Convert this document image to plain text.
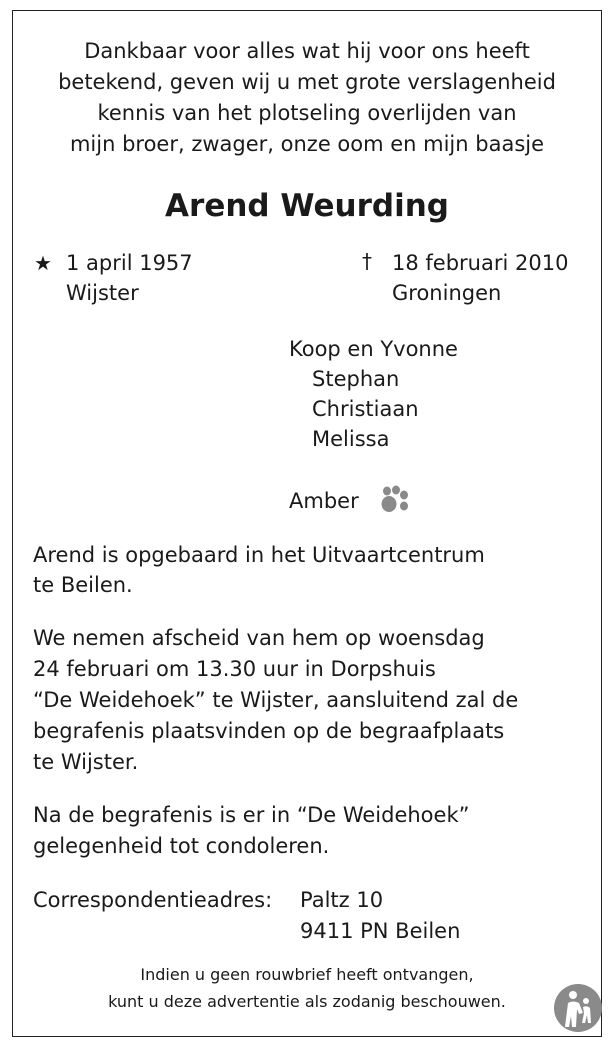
Dankbaar voor alles wat hij voor ons heeft
betekend, geven wij u met grote verslagenheid
kennis van het plotseling overlijden van
mijn broer, zwager, onze oom en mijn baasje
Arend Weurding
★ 1 april 1957
Wijster
† 18 februari 2010
Groningen
Koop en Yvonne
Stephan
Christiaan
Melissa
Amber
Arend is opgebaard in het Uitvaartcentrum
te Beilen.
We nemen afscheid van hem op woensdag
24 februari om 13.30 uur in Dorpshuis
“De Weidehoek” te Wijster, aansluitend zal de
begrafenis plaatsvinden op de begraafplaats
te Wijster.
Na de begrafenis is er in “De Weidehoek”
gelegenheid tot condoleren.
Correspondentieadres: Paltz 10
9411 PN Beilen
Indien u geen rouwbrief heeft ontvangen,
kunt u deze advertentie als zodanig beschouwen.
